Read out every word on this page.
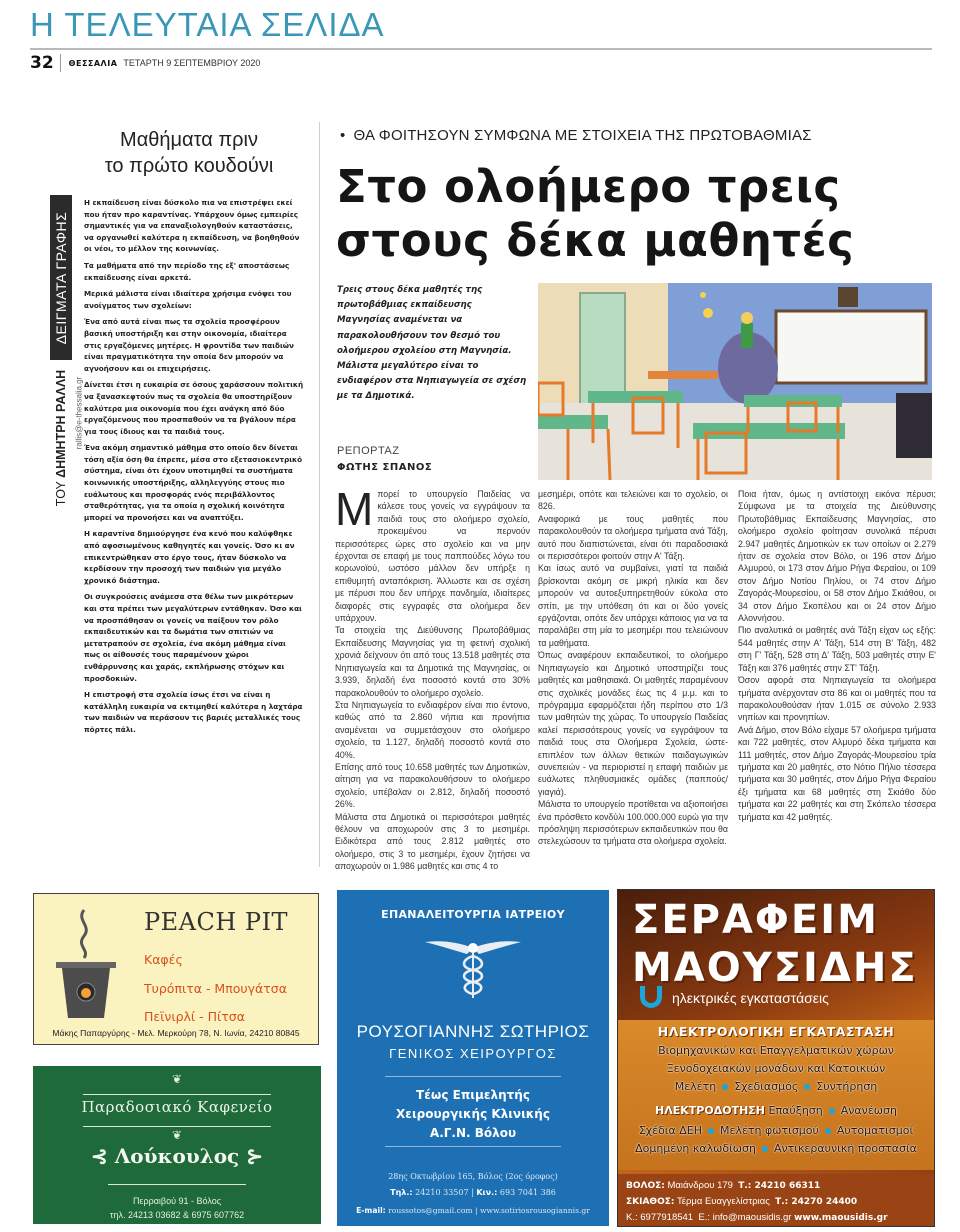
Η ΤΕΛΕΥΤΑΙΑ ΣΕΛΙΔΑ
32	ΘΕΣΣΑΛΙΑ ΤΕΤΑΡΤΗ 9 ΣΕΠΤΕΜΒΡΙΟΥ 2020
Μαθήματα πριν
το πρώτο κουδούνι
ΔΕΙΓΜΑΤΑ ΓΡΑΦΗΣ
ΤΟΥ ΔΗΜΗΤΡΗ ΡΑΛΛΗ rallis@e-thessalia.gr

Η εκπαίδευση είναι δύσκολο πια να επιστρέψει εκεί που ήταν προ καραντίνας. Υπάρχουν όμως εμπειρίες σημαντικές για να επαναξιολογηθούν καταστάσεις, να οργανωθεί καλύτερα η εκπαίδευση, να βοηθηθούν οι νέοι, το μέλλον της κοινωνίας.

Τα μαθήματα από την περίοδο της εξ' αποστάσεως εκπαίδευσης είναι αρκετά.

Μερικά μάλιστα είναι ιδιαίτερα χρήσιμα ενόψει του ανοίγματος των σχολείων:

Ένα από αυτά είναι πως τα σχολεία προσφέρουν βασική υποστήριξη και στην οικονομία, ιδιαίτερα στις εργαζόμενες μητέρες. Η φροντίδα των παιδιών είναι πραγματικότητα την οποία δεν μπορούν να αγνοήσουν και οι επιχειρήσεις.

Δίνεται έτσι η ευκαιρία σε όσους χαράσσουν πολιτική να ξανασκεφτούν πως τα σχολεία θα υποστηρίξουν καλύτερα μια οικονομία που έχει ανάγκη από δύο εργαζόμενους που προσπαθούν να τα βγάλουν πέρα για τους ίδιους και τα παιδιά τους.

Ένα ακόμη σημαντικό μάθημα στο οποίο δεν δίνεται τόση αξία όση θα έπρεπε, μέσα στο εξετασιοκεντρικό σύστημα, είναι ότι έχουν υποτιμηθεί τα συστήματα κοινωνικής υποστήριξης, αλληλεγγύης στους πιο ευάλωτους και προσφοράς ενός περιβάλλοντος σταθερότητας, για τα οποία η σχολική κοινότητα μπορεί να προνοήσει και να αναπτύξει.

Η καραντίνα δημιούργησε ένα κενό που καλύφθηκε από αφοσιωμένους καθηγητές και γονείς. Όσο κι αν επικεντρώθηκαν στο έργο τους, ήταν δύσκολο να κερδίσουν την προσοχή των παιδιών για μεγάλο χρονικό διάστημα.

Οι συγκρούσεις ανάμεσα στα θέλω των μικρότερων και στα πρέπει των μεγαλύτερων εντάθηκαν. Όσο και να προσπάθησαν οι γονείς να παίξουν τον ρόλο εκπαιδευτικών και τα δωμάτια των σπιτιών να μετατραπούν σε σχολεία, ένα ακόμη μάθημα είναι πως οι αίθουσές τους παραμένουν χώροι ενθάρρυνσης και χαράς, εκπλήρωσης στόχων και προσδοκιών.

Η επιστροφή στα σχολεία ίσως έτσι να είναι η κατάλληλη ευκαιρία να εκτιμηθεί καλύτερα η λαχτάρα των παιδιών να περάσουν τις βαριές μεταλλικές τους πόρτες πάλι.

• ΘΑ ΦΟΙΤΗΣΟΥΝ ΣΥΜΦΩΝΑ ΜΕ ΣΤΟΙΧΕΙΑ ΤΗΣ ΠΡΩΤΟΒΑΘΜΙΑΣ
Στο ολοήμερο τρεις
στους δέκα μαθητές
Τρεις στους δέκα μαθητές της πρωτοβάθμιας εκπαίδευσης Μαγνησίας αναμένεται να παρακολουθήσουν τον θεσμό του ολοήμερου σχολείου στη Μαγνησία. Μάλιστα μεγαλύτερο είναι το ενδιαφέρον στα Νηπιαγωγεία σε σχέση με τα Δημοτικά.
ΡΕΠΟΡΤΑΖ
ΦΩΤΗΣ ΣΠΑΝΟΣ

Μπορεί το υπουργείο Παιδείας να κάλεσε τους γονείς να εγγράψουν τα παιδιά τους στο ολοήμερο σχολείο, προκειμένου να περνούν περισσότερες ώρες στο σχολείο και να μην έρχονται σε επαφή με τους παππούδες λόγω του κορωνοϊού, ωστόσο μάλλον δεν υπήρξε η επιθυμητή ανταπόκριση. Άλλωστε και σε σχέση με πέρυσι που δεν υπήρχε πανδημία, ιδιαίτερες διαφορές στις εγγραφές στα ολοήμερα δεν υπάρχουν.

Τα στοιχεία της Διεύθυνσης Πρωτοβάθμιας Εκπαίδευσης Μαγνησίας για τη φετινή σχολική χρονιά δείχνουν ότι από τους 13.518 μαθητές στα Νηπιαγωγεία και τα Δημοτικά της Μαγνησίας, οι 3.939, δηλαδή ένα ποσοστό κοντά στο 30% παρακολουθούν το ολοήμερο σχολείο.

Στα Νηπιαγωγεία το ενδιαφέρον είναι πιο έντονο, καθώς από τα 2.860 νήπια και προνήπια αναμένεται να συμμετάσχουν στο ολοήμερο σχολείο, τα 1.127, δηλαδή ποσοστό κοντά στο 40%.

Επίσης από τους 10.658 μαθητές των Δημοτικών, αίτηση για να παρακολουθήσουν το ολοήμερο σχολείο, υπέβαλαν οι 2.812, δηλαδή ποσοστό 26%.

Μάλιστα στα Δημοτικά οι περισσότεροι μαθητές θέλουν να αποχωρούν στις 3 το μεσημέρι. Ειδικότερα από τους 2.812 μαθητές στο ολοήμερο, στις 3 το μεσημέρι, έχουν ζητήσει να αποχωρούν οι 1.986 μαθητές και στις 4 το

μεσημέρι, οπότε και τελειώνει και το σχολείο, οι 826.

Αναφορικά με τους μαθητές που παρακολουθούν τα ολοήμερα τμήματα ανά Τάξη, αυτό που διαπιστώνεται, είναι ότι παραδοσιακά οι περισσότεροι φοιτούν στην Α' Τάξη.

Και ίσως αυτό να συμβαίνει, γιατί τα παιδιά βρίσκονται ακόμη σε μικρή ηλικία και δεν μπορούν να αυτοεξυπηρετηθούν εύκολα στο σπίτι, με την υπόθεση ότι και οι δύο γονείς εργάζονται, οπότε δεν υπάρχει κάποιος για να τα παραλάβει στη μία το μεσημέρι που τελειώνουν τα μαθήματα.

Όπως αναφέρουν εκπαιδευτικοί, το ολοήμερο Νηπιαγωγείο και Δημοτικό υποστηρίζει τους μαθητές και μαθησιακά. Οι μαθητές παραμένουν στις σχολικές μονάδες έως τις 4 μ.μ. και το πρόγραμμα εφαρμόζεται ήδη περίπου στο 1/3 των μαθητών της χώρας. Το υπουργείο Παιδείας καλεί περισσότερους γονείς να εγγράψουν τα παιδιά τους στα Ολοήμερα Σχολεία, ώστε- επιπλέον των άλλων θετικών παιδαγωγικών συνεπειών - να περιοριστεί η επαφή παιδιών με ευάλωτες πληθυσμιακές ομάδες (παππούς/γιαγιά).

Μάλιστα το υπουργείο προτίθεται να αξιοποιήσει ένα πρόσθετο κονδύλι 100.000.000 ευρώ για την πρόσληψη περισσότερων εκπαιδευτικών που θα στελεχώσουν τα τμήματα στα ολοήμερα σχολεία.

Ποια ήταν, όμως η αντίστοιχη εικόνα πέρυσι; Σύμφωνα με τα στοιχεία της Διεύθυνσης Πρωτοβάθμιας Εκπαίδευσης Μαγνησίας, στο ολοήμερο σχολείο φοίτησαν συνολικά πέρυσι 2.947 μαθητές Δημοτικών εκ των οποίων οι 2.279 ήταν σε σχολεία στον Βόλο, οι 196 στον Δήμο Αλμυρού, οι 173 στον Δήμο Ρήγα Φεραίου, οι 109 στον Δήμο Νοτίου Πηλίου, οι 74 στον Δήμο Ζαγοράς-Μουρεσίου, οι 58 στον Δήμο Σκιάθου, οι 34 στον Δήμο Σκοπέλου και οι 24 στον Δήμο Αλοννήσου.

Πιο αναλυτικά οι μαθητές ανά Τάξη είχαν ως εξής: 544 μαθητές στην Α' Τάξη, 514 στη Β' Τάξη, 482 στη Γ' Τάξη, 528 στη Δ' Τάξη, 503 μαθητές στην Ε' Τάξη και 376 μαθητές στην ΣΤ' Τάξη.

Όσον αφορά στα Νηπιαγωγεία τα ολοήμερα τμήματα ανέρχονταν στα 86 και οι μαθητές που τα παρακολουθούσαν ήταν 1.015 σε σύνολο 2.933 νηπίων και προνηπίων.

Ανά Δήμο, στον Βόλο είχαμε 57 ολοήμερα τμήματα και 722 μαθητές, στον Αλμυρό δέκα τμήματα και 111 μαθητές, στον Δήμο Ζαγοράς-Μουρεσίου τρία τμήματα και 20 μαθητές, στο Νότιο Πήλιο τέσσερα τμήματα και 30 μαθητές, στον Δήμο Ρήγα Φεραίου έξι τμήματα και 68 μαθητές στη Σκιάθο δύο τμήματα και 22 μαθητές και στη Σκόπελο τέσσερα τμήματα και 42 μαθητές.

PEACH PIT
Καφές
Τυρόπιτα - Μπουγάτσα
Πεϊνιρλί - Πίτσα
Μάκης Παπαργύρης - Μελ. Μερκούρη 78, Ν. Ιωνία, 24210 80845
❦
Παραδοσιακό Καφενείο
❦
⊰ Λούκουλος ⊱
Περραιβού 91 - Βόλος
τηλ. 24213 03682 & 6975 607762
ΕΠΑΝΑΛΕΙΤΟΥΡΓΙΑ ΙΑΤΡΕΙΟΥ
ΡΟΥΣΟΓΙΑΝΝΗΣ ΣΩΤΗΡΙΟΣ
ΓΕΝΙΚΟΣ ΧΕΙΡΟΥΡΓΟΣ
Τέως Επιμελητής
Χειρουργικής Κλινικής
Α.Γ.Ν. Βόλου
28ης Οκτωβρίου 165, Βόλος (2ος όροφος)
Τηλ.: 24210 33507 | Κιν.: 693 7041 386
E-mail: roussotos@gmail.com | www.sotiriosrousogiannis.gr
ΣΕΡΑΦΕΙΜ
ΜΑΟΥΣΙΔΗΣ
ηλεκτρικές εγκαταστάσεις
ΗΛΕΚΤΡΟΛΟΓΙΚΗ ΕΓΚΑΤΑΣΤΑΣΗ
Βιομηχανικών και Επαγγελματικών χώρων
Ξενοδοχειακών μονάδων και Κατοικιών
Μελέτη Σχεδιασμός Συντήρηση
ΗΛΕΚΤΡΟΔΟΤΗΣΗ Επαύξηση Ανανέωση
Σχέδια ΔΕΗ Μελέτη φωτισμού Αυτοματισμοί
Δομημένη καλωδίωση Αντικεραυνική προστασία
ΒΟΛΟΣ: Μαιάνδρου 179 Τ.: 24210 66311
ΣΚΙΑΘΟΣ: Τέρμα Ευαγγελίστριας Τ.: 24270 24400
Κ.: 6977918541 Ε.: info@maousidis.gr www.maousidis.gr
